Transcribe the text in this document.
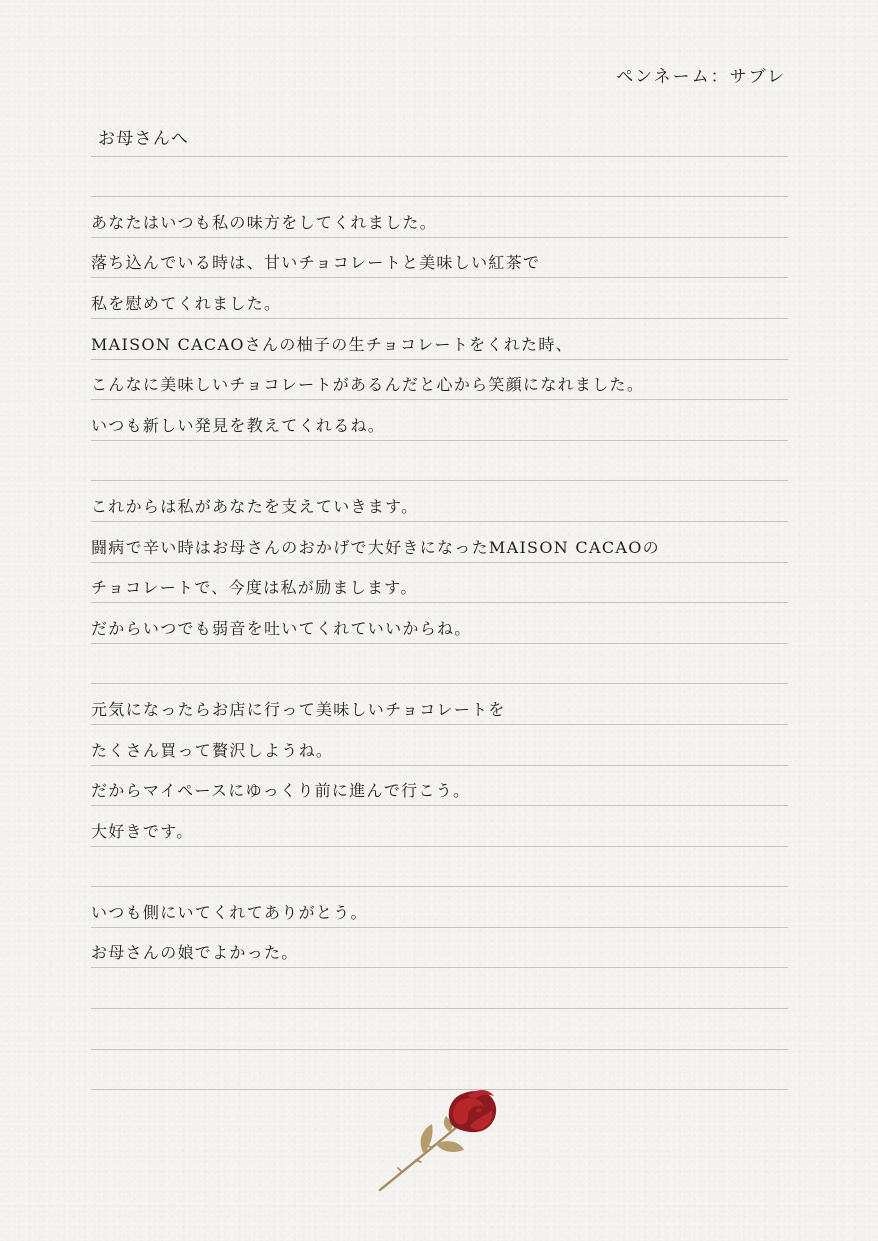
ペンネーム：サブレ
お母さんへ
あなたはいつも私の味方をしてくれました。
落ち込んでいる時は、甘いチョコレートと美味しい紅茶で
私を慰めてくれました。
MAISON CACAOさんの柚子の生チョコレートをくれた時、
こんなに美味しいチョコレートがあるんだと心から笑顔になれました。
いつも新しい発見を教えてくれるね。
これからは私があなたを支えていきます。
闘病で辛い時はお母さんのおかげで大好きになったMAISON CACAOの
チョコレートで、今度は私が励まします。
だからいつでも弱音を吐いてくれていいからね。
元気になったらお店に行って美味しいチョコレートを
たくさん買って贅沢しようね。
だからマイペースにゆっくり前に進んで行こう。
大好きです。
いつも側にいてくれてありがとう。
お母さんの娘でよかった。
